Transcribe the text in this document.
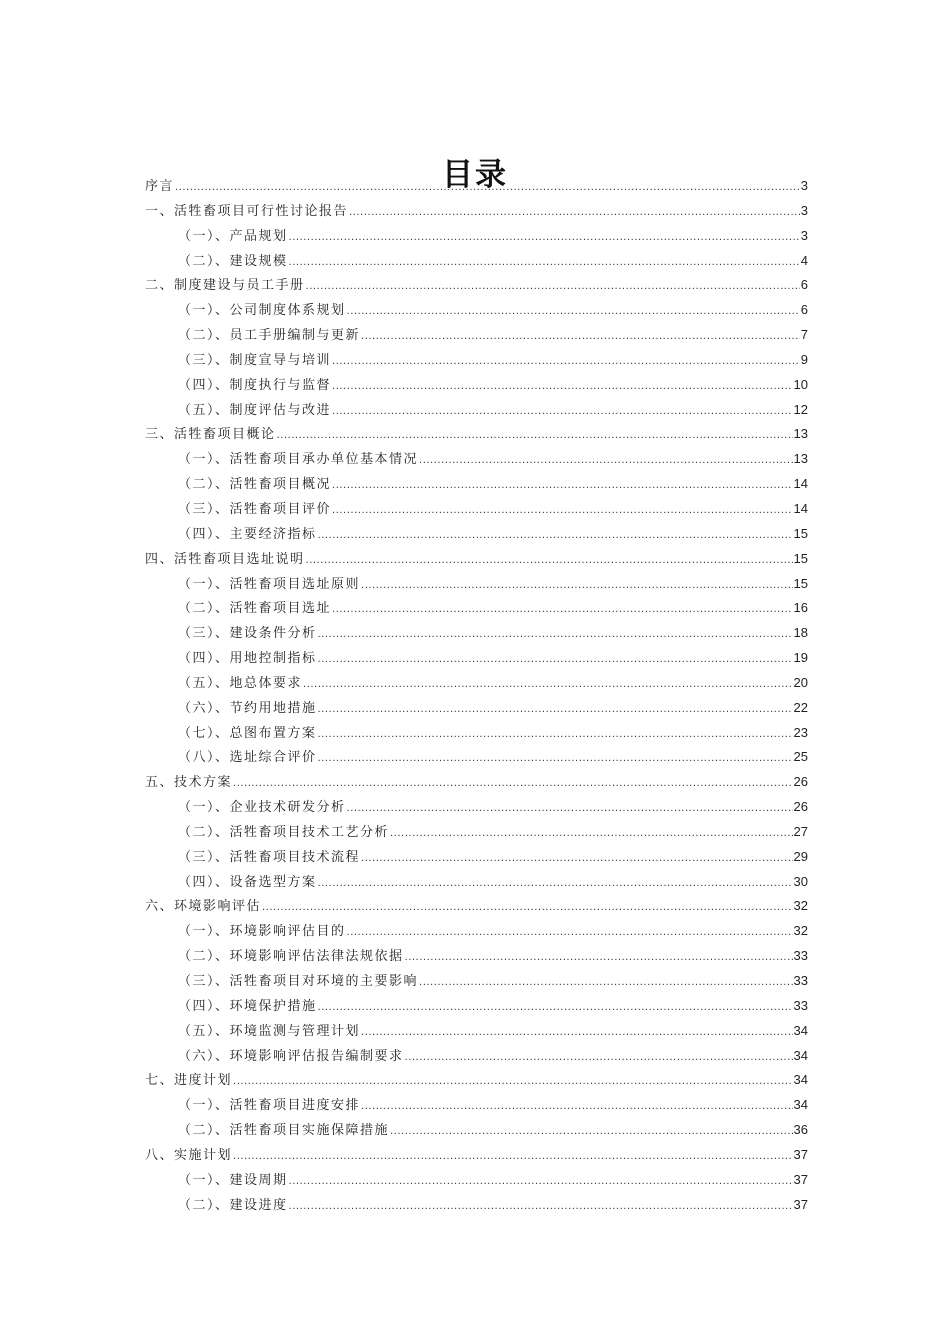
目录
序言 .....	3
一、活牲畜项目可行性讨论报告 .....	3
（一）、产品规划 .....	3
（二）、建设规模 .....	4
二、制度建设与员工手册 .....	6
（一）、公司制度体系规划 .....	6
（二）、员工手册编制与更新 .....	7
（三）、制度宣导与培训 .....	9
（四）、制度执行与监督 .....	10
（五）、制度评估与改进 .....	12
三、活牲畜项目概论 .....	13
（一）、活牲畜项目承办单位基本情况 .....	13
（二）、活牲畜项目概况 .....	14
（三）、活牲畜项目评价 .....	14
（四）、主要经济指标 .....	15
四、活牲畜项目选址说明 .....	15
（一）、活牲畜项目选址原则 .....	15
（二）、活牲畜项目选址 .....	16
（三）、建设条件分析 .....	18
（四）、用地控制指标 .....	19
（五）、地总体要求 .....	20
（六）、节约用地措施 .....	22
（七）、总图布置方案 .....	23
（八）、选址综合评价 .....	25
五、技术方案 .....	26
（一）、企业技术研发分析 .....	26
（二）、活牲畜项目技术工艺分析 .....	27
（三）、活牲畜项目技术流程 .....	29
（四）、设备选型方案 .....	30
六、环境影响评估 .....	32
（一）、环境影响评估目的 .....	32
（二）、环境影响评估法律法规依据 .....	33
（三）、活牲畜项目对环境的主要影响 .....	33
（四）、环境保护措施 .....	33
（五）、环境监测与管理计划 .....	34
（六）、环境影响评估报告编制要求 .....	34
七、进度计划 .....	34
（一）、活牲畜项目进度安排 .....	34
（二）、活牲畜项目实施保障措施 .....	36
八、实施计划 .....	37
（一）、建设周期 .....	37
（二）、建设进度 .....	37
